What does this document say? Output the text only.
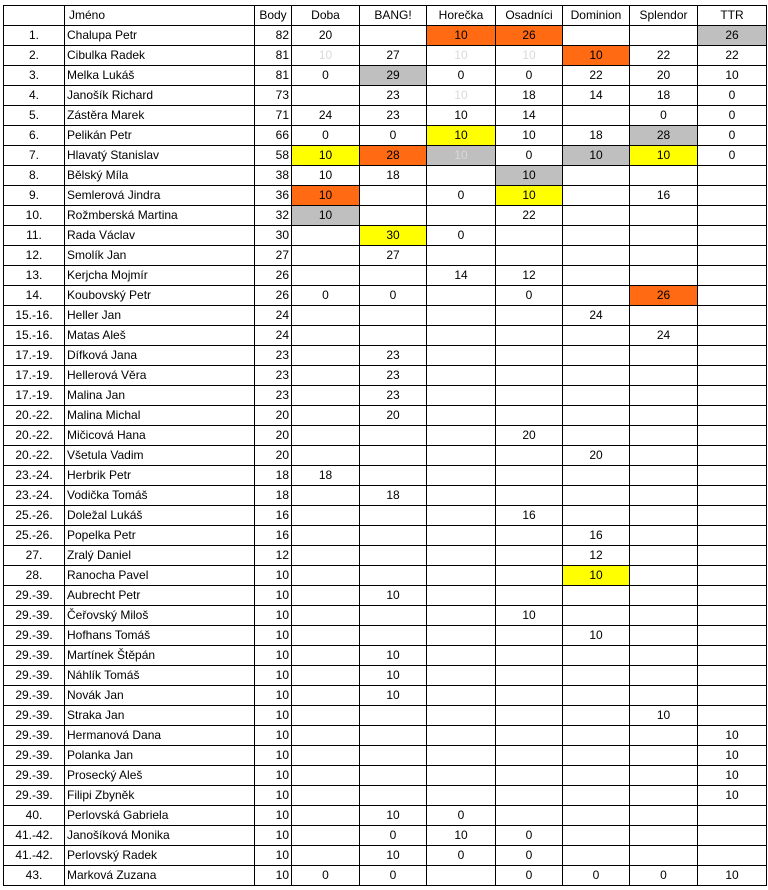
	Jméno	Body	Doba	BANG!	Horečka	Osadníci	Dominion	Splendor	TTR
1.	Chalupa Petr	82	20		10	26			26
2.	Cibulka Radek	81	10	27	10	10	10	22	22
3.	Melka Lukáš	81	0	29	0	0	22	20	10
4.	Janošík Richard	73		23	10	18	14	18	0
5.	Zástěra Marek	71	24	23	10	14		0	0
6.	Pelikán Petr	66	0	0	10	10	18	28	0
7.	Hlavatý Stanislav	58	10	28	10	0	10	10	0
8.	Bělský Míla	38	10	18		10			
9.	Semlerová Jindra	36	10		0	10		16	
10.	Rožmberská Martina	32	10			22			
11.	Rada Václav	30		30	0				
12.	Smolík Jan	27		27					
13.	Kerjcha Mojmír	26			14	12			
14.	Koubovský Petr	26	0	0		0		26	
15.-16.	Heller Jan	24					24		
15.-16.	Matas Aleš	24						24	
17.-19.	Dífková Jana	23		23					
17.-19.	Hellerová Věra	23		23					
17.-19.	Malina Jan	23		23					
20.-22.	Malina Michal	20		20					
20.-22.	Mičicová Hana	20				20			
20.-22.	Všetula Vadim	20					20		
23.-24.	Herbrik Petr	18	18						
23.-24.	Vodička Tomáš	18		18					
25.-26.	Doležal Lukáš	16				16			
25.-26.	Popelka Petr	16					16		
27.	Zralý Daniel	12					12		
28.	Ranocha Pavel	10					10		
29.-39.	Aubrecht Petr	10		10					
29.-39.	Čeřovský Miloš	10				10			
29.-39.	Hofhans Tomáš	10					10		
29.-39.	Martínek Štěpán	10		10					
29.-39.	Náhlík Tomáš	10		10					
29.-39.	Novák Jan	10		10					
29.-39.	Straka Jan	10						10	
29.-39.	Hermanová Dana	10							10
29.-39.	Polanka Jan	10							10
29.-39.	Prosecký Aleš	10							10
29.-39.	Filipi Zbyněk	10							10
40.	Perlovská Gabriela	10		10	0				
41.-42.	Janošíková Monika	10		0	10	0			
41.-42.	Perlovský Radek	10		10	0	0			
43.	Marková Zuzana	10	0	0		0	0	0	10
